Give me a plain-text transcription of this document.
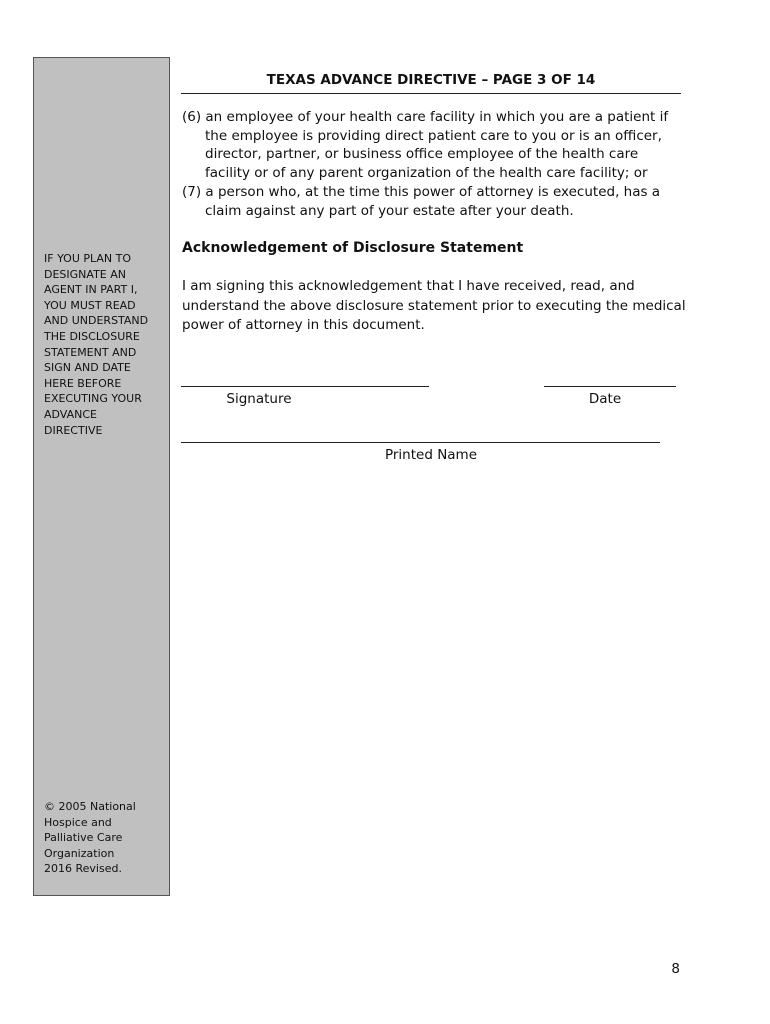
IF YOU PLAN TO
DESIGNATE AN
AGENT IN PART I,
YOU MUST READ
AND UNDERSTAND
THE DISCLOSURE
STATEMENT AND
SIGN AND DATE
HERE BEFORE
EXECUTING YOUR
ADVANCE
DIRECTIVE
© 2005 National
Hospice and
Palliative Care
Organization
2016 Revised.
TEXAS ADVANCE DIRECTIVE – PAGE 3 OF 14
(6) an employee of your health care facility in which you are a patient if the employee is providing direct patient care to you or is an officer, director, partner, or business office employee of the health care facility or of any parent organization of the health care facility; or
(7) a person who, at the time this power of attorney is executed, has a claim against any part of your estate after your death.
Acknowledgement of Disclosure Statement
I am signing this acknowledgement that I have received, read, and understand the above disclosure statement prior to executing the medical power of attorney in this document.
Signature	Date
Printed Name
8
